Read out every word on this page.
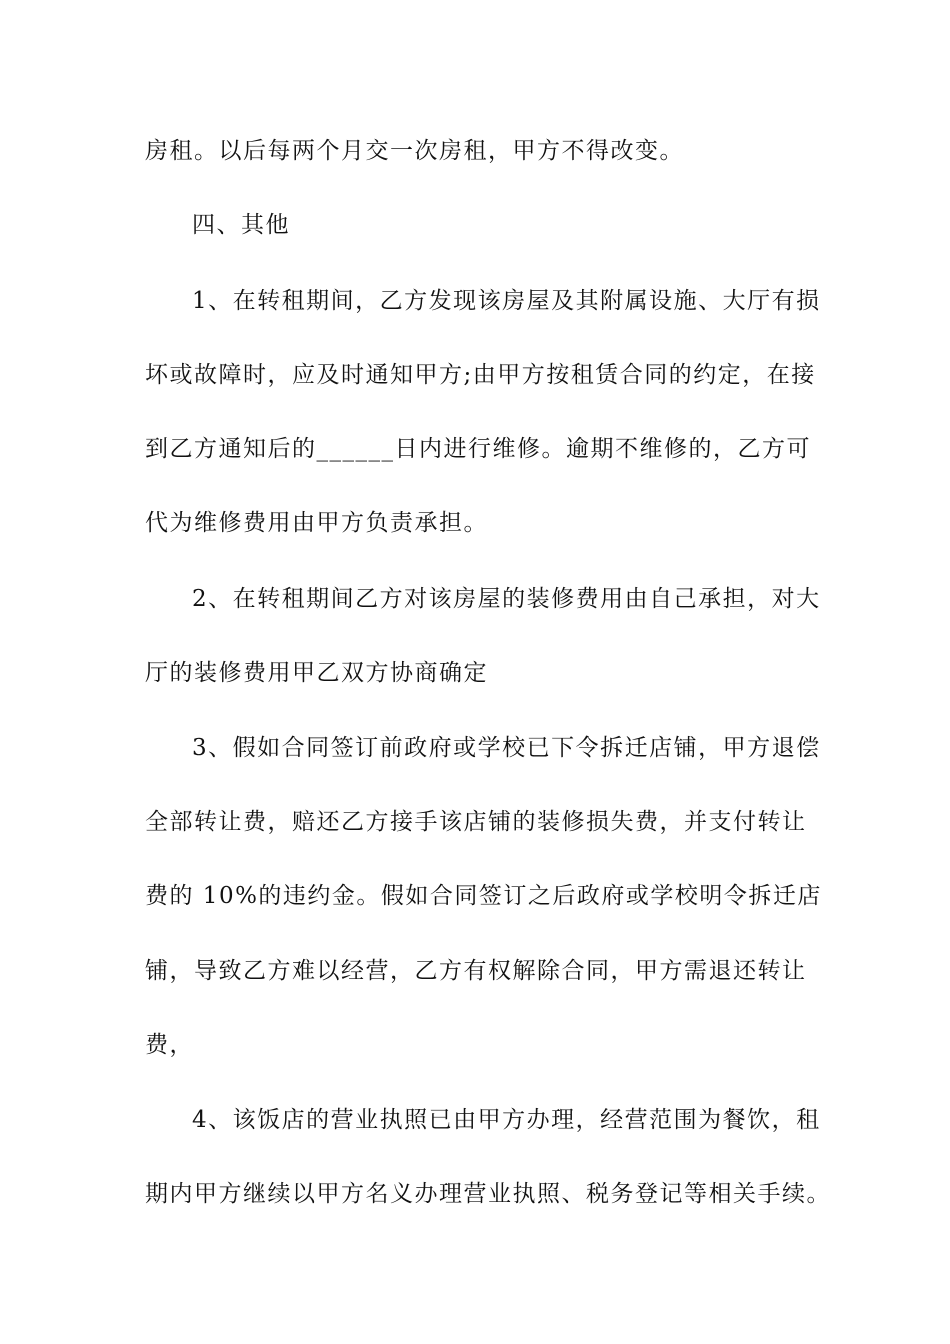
房租。以后每两个月交一次房租，甲方不得改变。
四、其他
1、在转租期间，乙方发现该房屋及其附属设施、大厅有损
坏或故障时，应及时通知甲方;由甲方按租赁合同的约定，在接
到乙方通知后的______日内进行维修。逾期不维修的，乙方可
代为维修费用由甲方负责承担。
2、在转租期间乙方对该房屋的装修费用由自己承担，对大
厅的装修费用甲乙双方协商确定
3、假如合同签订前政府或学校已下令拆迁店铺，甲方退偿
全部转让费，赔还乙方接手该店铺的装修损失费，并支付转让
费的 10%的违约金。假如合同签订之后政府或学校明令拆迁店
铺，导致乙方难以经营，乙方有权解除合同，甲方需退还转让
费，
4、该饭店的营业执照已由甲方办理，经营范围为餐饮，租
期内甲方继续以甲方名义办理营业执照、税务登记等相关手续。
